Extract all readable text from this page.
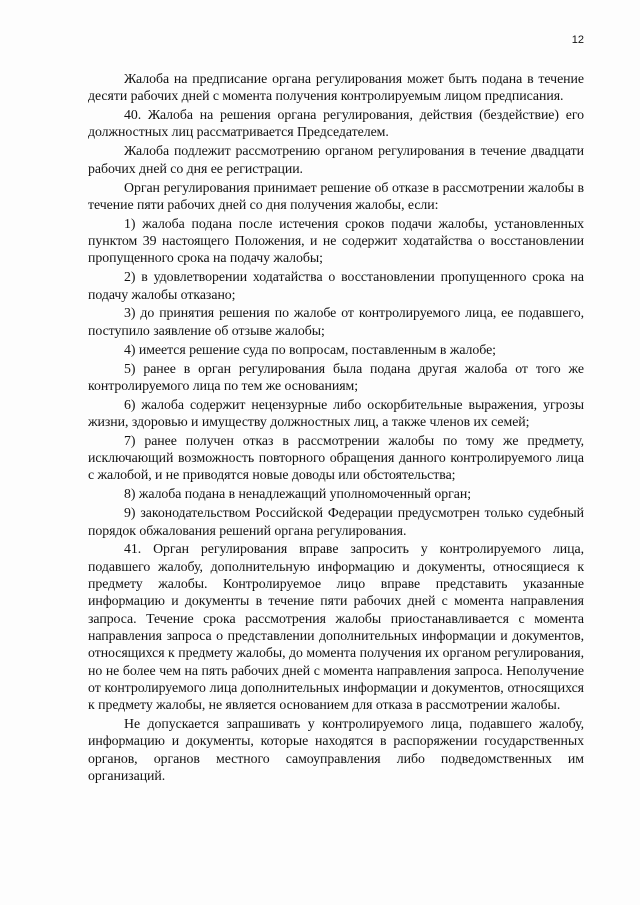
12

Жалоба на предписание органа регулирования может быть подана в течение десяти рабочих дней с момента получения контролируемым лицом предписания.

40. Жалоба на решения органа регулирования, действия (бездействие) его должностных лиц рассматривается Председателем.

Жалоба подлежит рассмотрению органом регулирования в течение двадцати рабочих дней со дня ее регистрации.

Орган регулирования принимает решение об отказе в рассмотрении жалобы в течение пяти рабочих дней со дня получения жалобы, если:

1) жалоба подана после истечения сроков подачи жалобы, установленных пунктом 39 настоящего Положения, и не содержит ходатайства о восстановлении пропущенного срока на подачу жалобы;

2) в удовлетворении ходатайства о восстановлении пропущенного срока на подачу жалобы отказано;

3) до принятия решения по жалобе от контролируемого лица, ее подавшего, поступило заявление об отзыве жалобы;

4) имеется решение суда по вопросам, поставленным в жалобе;

5) ранее в орган регулирования была подана другая жалоба от того же контролируемого лица по тем же основаниям;

6) жалоба содержит нецензурные либо оскорбительные выражения, угрозы жизни, здоровью и имуществу должностных лиц, а также членов их семей;

7) ранее получен отказ в рассмотрении жалобы по тому же предмету, исключающий возможность повторного обращения данного контролируемого лица с жалобой, и не приводятся новые доводы или обстоятельства;

8) жалоба подана в ненадлежащий уполномоченный орган;

9) законодательством Российской Федерации предусмотрен только судебный порядок обжалования решений органа регулирования.

41. Орган регулирования вправе запросить у контролируемого лица, подавшего жалобу, дополнительную информацию и документы, относящиеся к предмету жалобы. Контролируемое лицо вправе представить указанные информацию и документы в течение пяти рабочих дней с момента направления запроса. Течение срока рассмотрения жалобы приостанавливается с момента направления запроса о представлении дополнительных информации и документов, относящихся к предмету жалобы, до момента получения их органом регулирования, но не более чем на пять рабочих дней с момента направления запроса. Неполучение от контролируемого лица дополнительных информации и документов, относящихся к предмету жалобы, не является основанием для отказа в рассмотрении жалобы.

Не допускается запрашивать у контролируемого лица, подавшего жалобу, информацию и документы, которые находятся в распоряжении государственных органов, органов местного самоуправления либо подведомственных им организаций.
